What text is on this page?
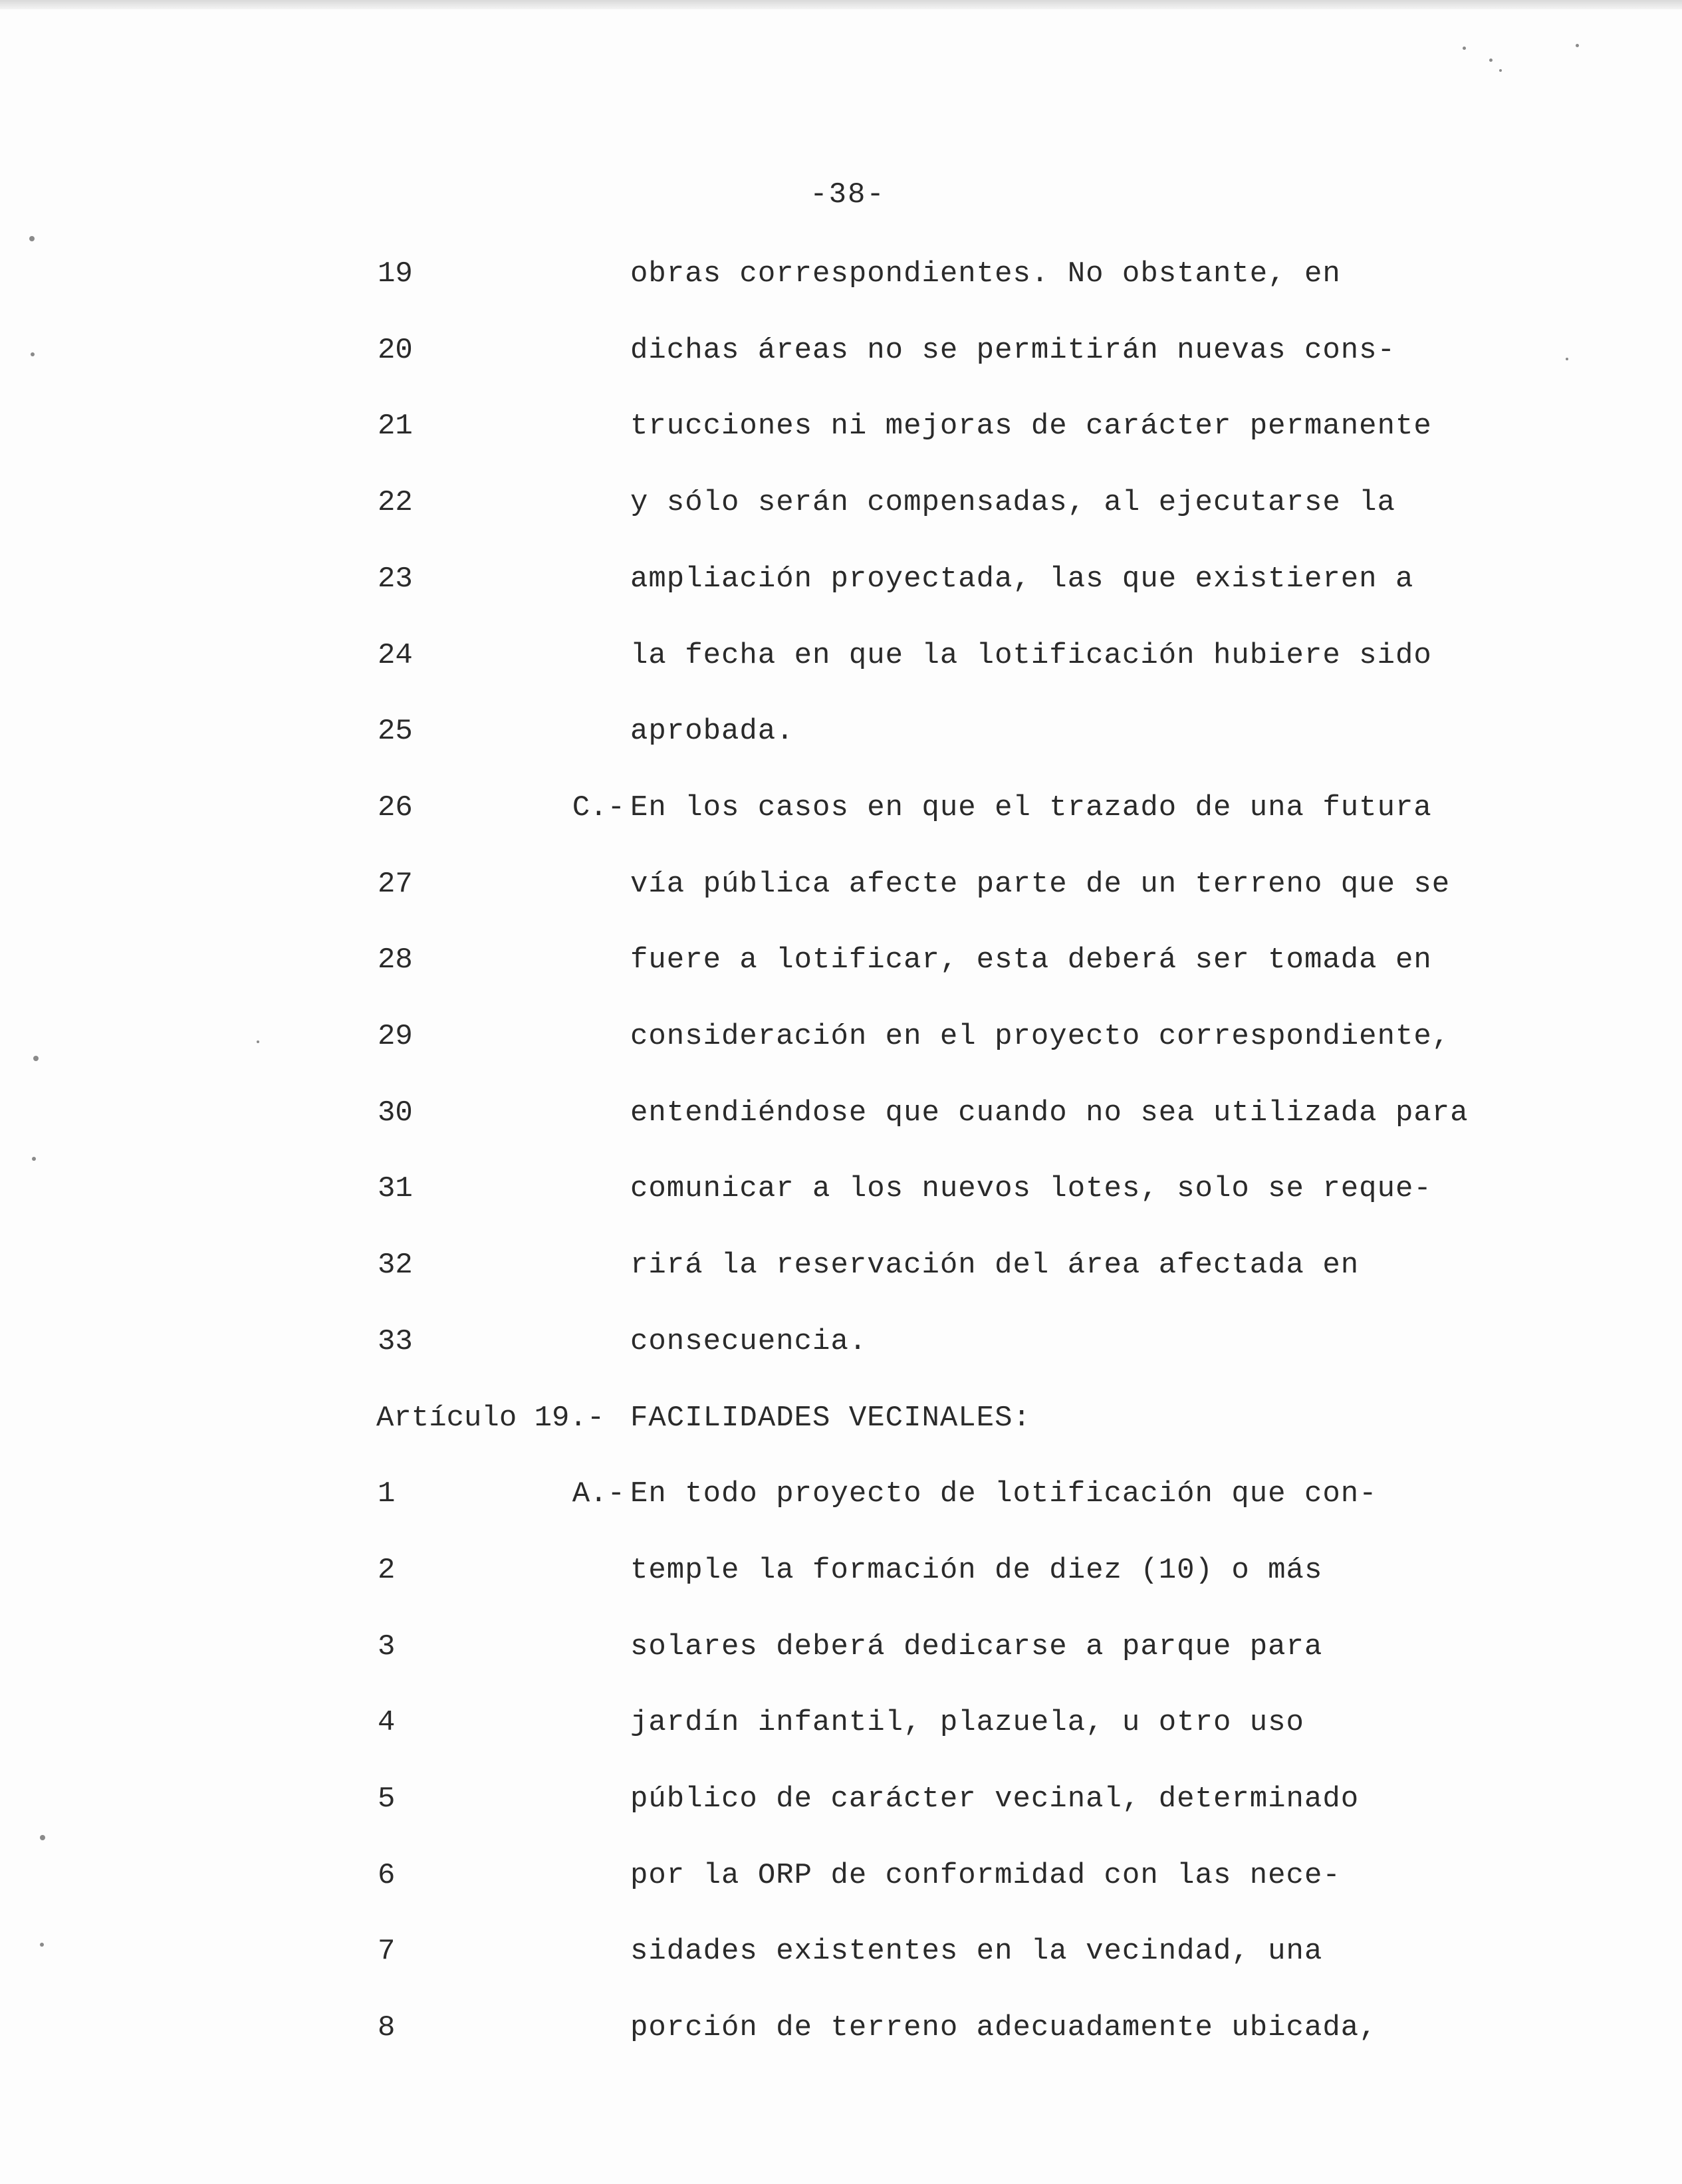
-38-
19	obras correspondientes. No obstante, en
20	dichas áreas no se permitirán nuevas cons-
21	trucciones ni mejoras de carácter permanente
22	y sólo serán compensadas, al ejecutarse la
23	ampliación proyectada, las que existieren a
24	la fecha en que la lotificación hubiere sido
25	aprobada.
26	C.- En los casos en que el trazado de una futura
27	vía pública afecte parte de un terreno que se
28	fuere a lotificar, esta deberá ser tomada en
29	consideración en el proyecto correspondiente,
30	entendiéndose que cuando no sea utilizada para
31	comunicar a los nuevos lotes, solo se reque-
32	rirá la reservación del área afectada en
33	consecuencia.
Artículo 19.- FACILIDADES VECINALES:
1	A.- En todo proyecto de lotificación que con-
2	temple la formación de diez (10) o más
3	solares deberá dedicarse a parque para
4	jardín infantil, plazuela, u otro uso
5	público de carácter vecinal, determinado
6	por la ORP de conformidad con las nece-
7	sidades existentes en la vecindad, una
8	porción de terreno adecuadamente ubicada,
